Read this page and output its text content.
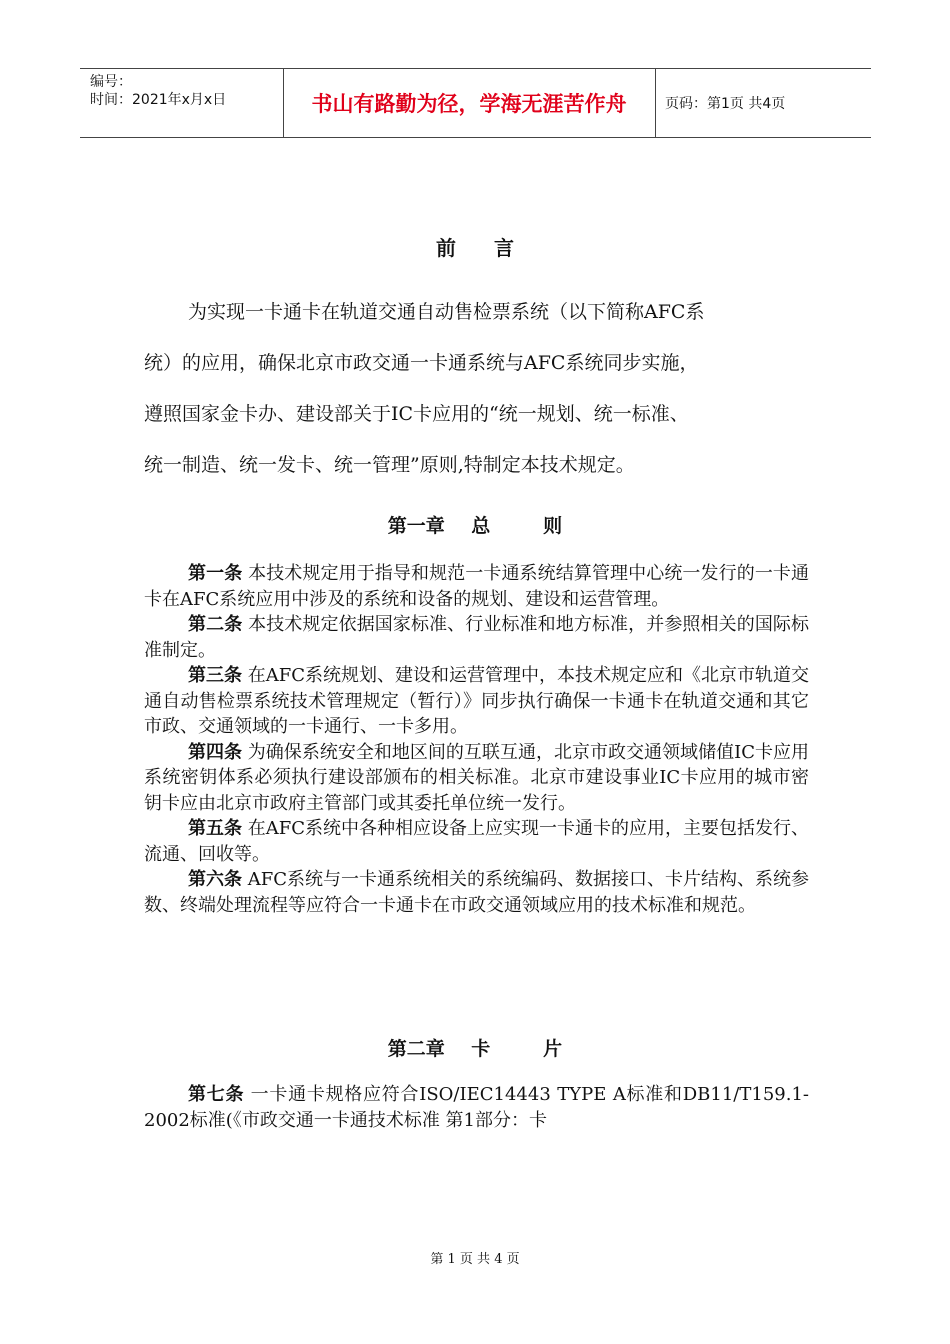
编号：
时间：2021年x月x日	书山有路勤为径，学海无涯苦作舟	页码：第1页 共4页
前言
为实现一卡通卡在轨道交通自动售检票系统（以下简称AFC系
统）的应用，确保北京市政交通一卡通系统与AFC系统同步实施，
遵照国家金卡办、建设部关于IC卡应用的“统一规划、统一标准、
统一制造、统一发卡、统一管理”原则,特制定本技术规定。
第一章    总        则

第一条 本技术规定用于指导和规范一卡通系统结算管理中心统一发行的一卡通卡在AFC系统应用中涉及的系统和设备的规划、建设和运营管理。

第二条 本技术规定依据国家标准、行业标准和地方标准，并参照相关的国际标准制定。

第三条 在AFC系统规划、建设和运营管理中，本技术规定应和《北京市轨道交通自动售检票系统技术管理规定（暂行）》同步执行确保一卡通卡在轨道交通和其它市政、交通领域的一卡通行、一卡多用。

第四条 为确保系统安全和地区间的互联互通，北京市政交通领域储值IC卡应用系统密钥体系必须执行建设部颁布的相关标准。北京市建设事业IC卡应用的城市密钥卡应由北京市政府主管部门或其委托单位统一发行。

第五条 在AFC系统中各种相应设备上应实现一卡通卡的应用，主要包括发行、流通、回收等。

第六条 AFC系统与一卡通系统相关的系统编码、数据接口、卡片结构、系统参数、终端处理流程等应符合一卡通卡在市政交通领域应用的技术标准和规范。

第二章    卡        片

第七条 一卡通卡规格应符合ISO/IEC14443 TYPE A标准和DB11/T159.1-2002标准(《市政交通一卡通技术标准 第1部分：卡

第 1 页 共 4 页
